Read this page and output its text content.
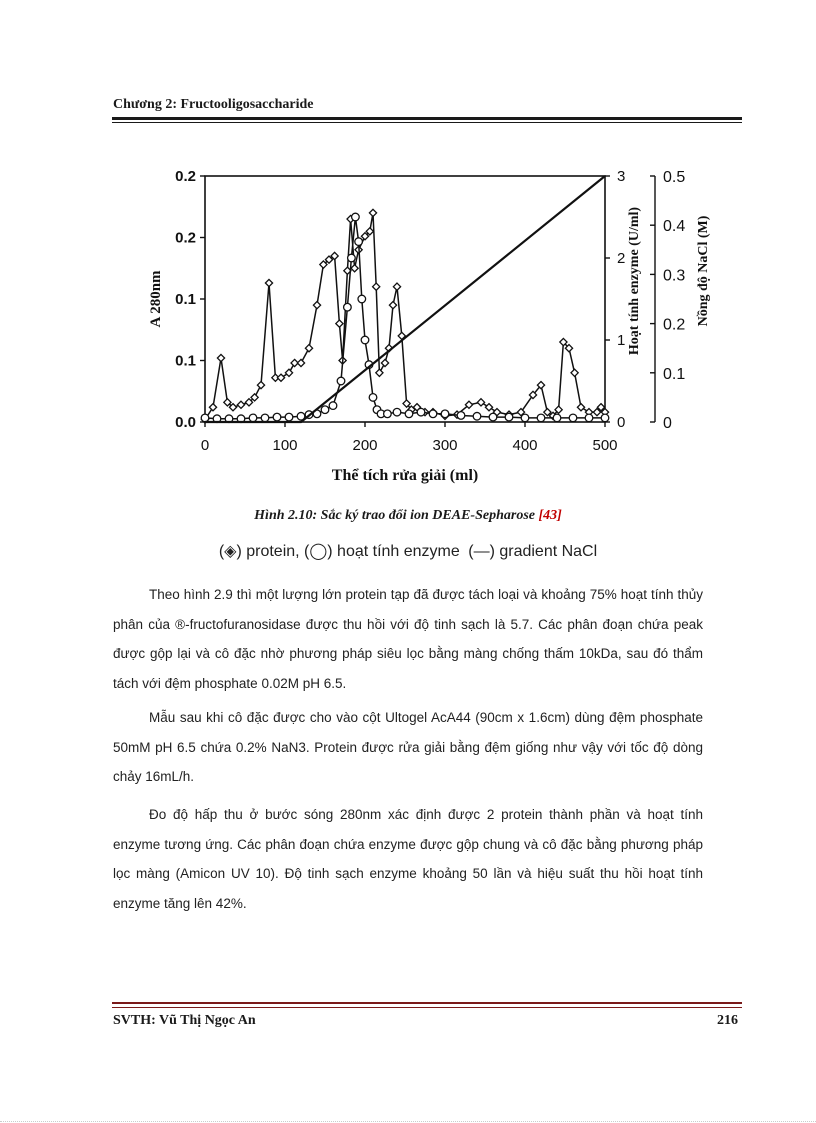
Chương 2: Fructooligosaccharide
0	100	200	300	400	500
0.0
0.1
0.1
0.2
0.2
0
1
2
3
0
0.1
0.2
0.3
0.4
0.5
Thể tích rửa giải (ml)
A 280nm	Hoạt tính enzyme (U/ml)	Nồng độ NaCl (M)
Hình 2.10: Sắc ký trao đổi ion DEAE-Sepharose [43]
(◈) protein, (◯) hoạt tính enzyme (—) gradient NaCl

Theo hình 2.9 thì một lượng lớn protein tạp đã được tách loại và khoảng 75% hoạt tính thủy phân của ®-fructofuranosidase được thu hồi với độ tinh sạch là 5.7. Các phân đoạn chứa peak được gộp lại và cô đặc nhờ phương pháp siêu lọc bằng màng chống thấm 10kDa, sau đó thẩm tách với đệm phosphate 0.02M pH 6.5.

Mẫu sau khi cô đặc được cho vào cột Ultogel AcA44 (90cm x 1.6cm) dùng đệm phosphate 50mM pH 6.5 chứa 0.2% NaN3. Protein được rửa giải bằng đệm giống như vậy với tốc độ dòng chảy 16mL/h.

Đo độ hấp thu ở bước sóng 280nm xác định được 2 protein thành phần và hoạt tính enzyme tương ứng. Các phân đoạn chứa enzyme được gộp chung và cô đặc bằng phương pháp lọc màng (Amicon UV 10). Độ tinh sạch enzyme khoảng 50 lần và hiệu suất thu hồi hoạt tính enzyme tăng lên 42%.

SVTH: Vũ Thị Ngọc An	216
